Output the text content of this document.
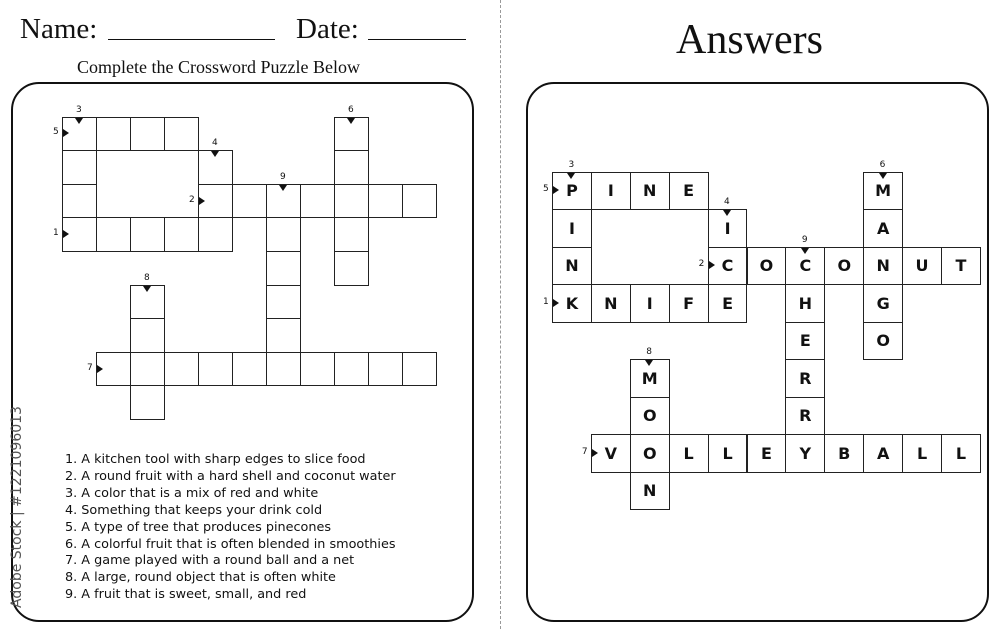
Name:	Date:
Complete the Crossword Puzzle Below
Answers
1
2
3
4
5
6
7
8
9
K	N	I	F	E
C	O	C	O	N	U	T
P
I
N
I
I	N	E	M
A
G
O
V	O	L	L	E	Y	B	A	L	L
M
O
N
H
E
R
R
1
2
3
4
5
6
7
8
9
1. A kitchen tool with sharp edges to slice food
2. A round fruit with a hard shell and coconut water
3. A color that is a mix of red and white
4. Something that keeps your drink cold
5. A type of tree that produces pinecones
6. A colorful fruit that is often blended in smoothies
7. A game played with a round ball and a net
8. A large, round object that is often white
9. A fruit that is sweet, small, and red
Adobe Stock | #1221096013
